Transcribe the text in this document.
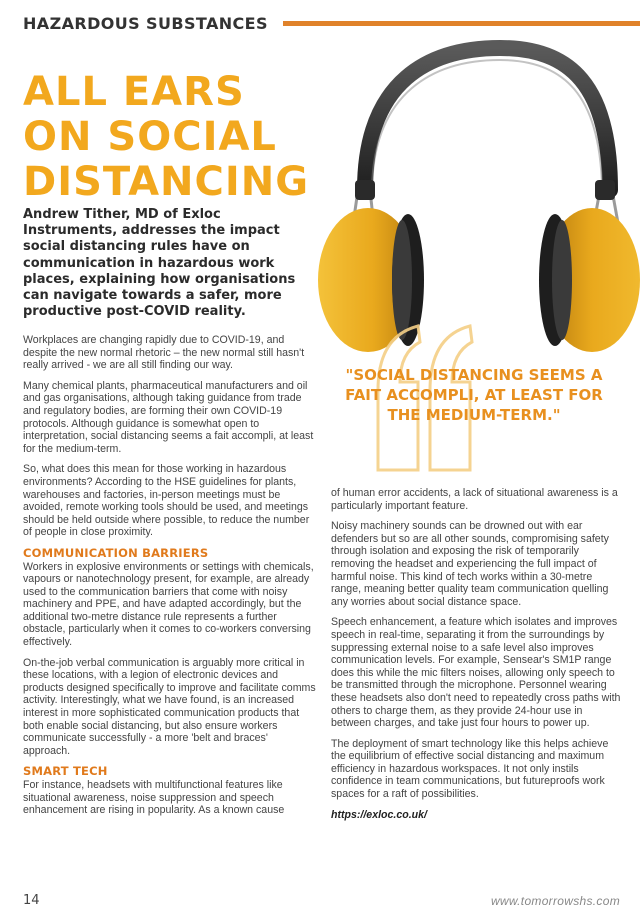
HAZARDOUS SUBSTANCES
ALL EARS
ON SOCIAL
DISTANCING

Andrew Tither, MD of Exloc Instruments, addresses the impact social distancing rules have on communication in hazardous work places, explaining how organisations can navigate towards a safer, more productive post-COVID reality.

"SOCIAL DISTANCING SEEMS A FAIT ACCOMPLI, AT LEAST FOR THE MEDIUM-TERM."

Workplaces are changing rapidly due to COVID-19, and despite the new normal rhetoric – the new normal still hasn't really arrived - we are all still finding our way.

Many chemical plants, pharmaceutical manufacturers and oil and gas organisations, although taking guidance from trade and regulatory bodies, are forming their own COVID-19 protocols. Although guidance is somewhat open to interpretation, social distancing seems a fait accompli, at least for the medium-term.

So, what does this mean for those working in hazardous environments? According to the HSE guidelines for plants, warehouses and factories, in-person meetings must be avoided, remote working tools should be used, and meetings should be held outside where possible, to reduce the number of people in close proximity.

COMMUNICATION BARRIERS

Workers in explosive environments or settings with chemicals, vapours or nanotechnology present, for example, are already used to the communication barriers that come with noisy machinery and PPE, and have adapted accordingly, but the additional two-metre distance rule represents a further obstacle, particularly when it comes to co-workers conversing effectively.

On-the-job verbal communication is arguably more critical in these locations, with a legion of electronic devices and products designed specifically to improve and facilitate comms activity. Interestingly, what we have found, is an increased interest in more sophisticated communication products that both enable social distancing, but also ensure workers communicate successfully - a more 'belt and braces' approach.

SMART TECH

For instance, headsets with multifunctional features like situational awareness, noise suppression and speech enhancement are rising in popularity. As a known cause

of human error accidents, a lack of situational awareness is a particularly important feature.

Noisy machinery sounds can be drowned out with ear defenders but so are all other sounds, compromising safety through isolation and exposing the risk of temporarily removing the headset and experiencing the full impact of harmful noise. This kind of tech works within a 30-metre range, meaning better quality team communication quelling any worries about social distance space.

Speech enhancement, a feature which isolates and improves speech in real-time, separating it from the surroundings by suppressing external noise to a safe level also improves communication levels. For example, Sensear's SM1P range does this while the mic filters noises, allowing only speech to be transmitted through the microphone. Personnel wearing these headsets also don't need to repeatedly cross paths with others to charge them, as they provide 24-hour use in between charges, and take just four hours to power up.

The deployment of smart technology like this helps achieve the equilibrium of effective social distancing and maximum efficiency in hazardous workspaces. It not only instils confidence in team communications, but futureproofs work spaces for a raft of possibilities.

https://exloc.co.uk/
14	www.tomorrowshs.com
